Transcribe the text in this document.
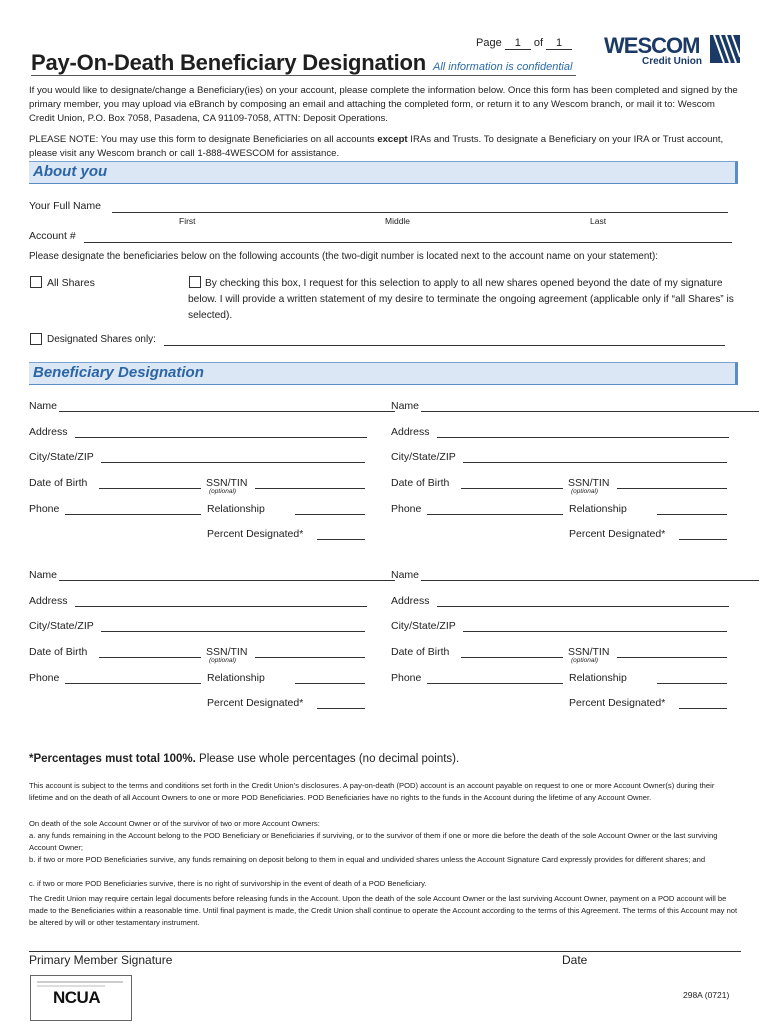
Page 1 of 1
Pay-On-Death Beneficiary Designation All information is confidential
WESCOM
Credit Union
If you would like to designate/change a Beneficiary(ies) on your account, please complete the information below. Once this form has been completed and signed by the primary member, you may upload via eBranch by composing an email and attaching the completed form, or return it to any Wescom branch, or mail it to: Wescom Credit Union, P.O. Box 7058, Pasadena, CA 91109-7058, ATTN: Deposit Operations.
PLEASE NOTE: You may use this form to designate Beneficiaries on all accounts except IRAs and Trusts. To designate a Beneficiary on your IRA or Trust account, please visit any Wescom branch or call 1-888-4WESCOM for assistance.
About you
Your Full Name
First	Middle	Last
Account #
Please designate the beneficiaries below on the following accounts (the two-digit number is located next to the account name on your statement):
All Shares	By checking this box, I request for this selection to apply to all new shares opened beyond the date of my signature below. I will provide a written statement of my desire to terminate the ongoing agreement (applicable only if “all Shares” is selected).
Designated Shares only:
Beneficiary Designation
Name
Address
City/State/ZIP
Date of Birth	SSN/TIN
(optional)
Phone	Relationship
Percent Designated*
Name
Address
City/State/ZIP
Date of Birth	SSN/TIN
(optional)
Phone	Relationship
Percent Designated*
Name
Address
City/State/ZIP
Date of Birth	SSN/TIN
(optional)
Phone	Relationship
Percent Designated*
Name
Address
City/State/ZIP
Date of Birth	SSN/TIN
(optional)
Phone	Relationship
Percent Designated*
*Percentages must total 100%. Please use whole percentages (no decimal points).
This account is subject to the terms and conditions set forth in the Credit Union’s disclosures. A pay-on-death (POD) account is an account payable on request to one or more Account Owner(s) during their lifetime and on the death of all Account Owners to one or more POD Beneficiaries. POD Beneficiaries have no rights to the funds in the Account during the lifetime of any Account Owner.
On death of the sole Account Owner or of the survivor of two or more Account Owners:
a. any funds remaining in the Account belong to the POD Beneficiary or Beneficiaries if surviving, or to the survivor of them if one or more die before the death of the sole Account Owner or the last surviving Account Owner;
b. if two or more POD Beneficiaries survive, any funds remaining on deposit belong to them in equal and undivided shares unless the Account Signature Card expressly provides for different shares; and
c. if two or more POD Beneficiaries survive, there is no right of survivorship in the event of death of a POD Beneficiary.
The Credit Union may require certain legal documents before releasing funds in the Account. Upon the death of the sole Account Owner or the last surviving Account Owner, payment on a POD account will be made to the Beneficiaries within a reasonable time. Until final payment is made, the Credit Union shall continue to operate the Account according to the terms of this Agreement. The terms of this Account may not be altered by will or other testamentary instrument.
Primary Member Signature	Date
NCUA	298A (0721)
